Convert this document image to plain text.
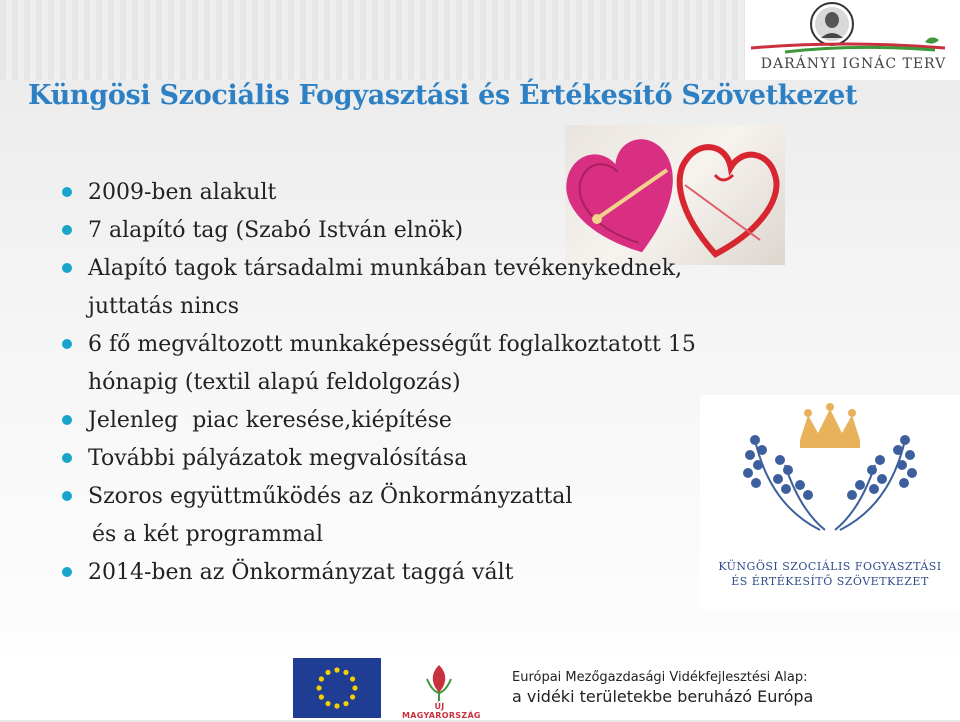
DARÁNYI IGNÁC TERV
Küngösi Szociális Fogyasztási és Értékesítő Szövetkezet
2009-ben alakult
7 alapító tag (Szabó István elnök)
Alapító tagok társadalmi munkában tevékenykednek,
juttatás nincs
6 fő megváltozott munkaképességűt foglalkoztatott 15
hónapig (textil alapú feldolgozás)
Jelenleg  piac keresése,kiépítése
További pályázatok megvalósítása
Szoros együttműködés az Önkormányzattal
és a két programmal
2014-ben az Önkormányzat taggá vált	KÜNGÖSI SZOCIÁLIS FOGYASZTÁSI
ÉS ÉRTÉKESÍTŐ SZÖVETKEZET
ÚJ MAGYARORSZÁG
Európai Mezőgazdasági Vidékfejlesztési Alap:
a vidéki területekbe beruházó Európa
